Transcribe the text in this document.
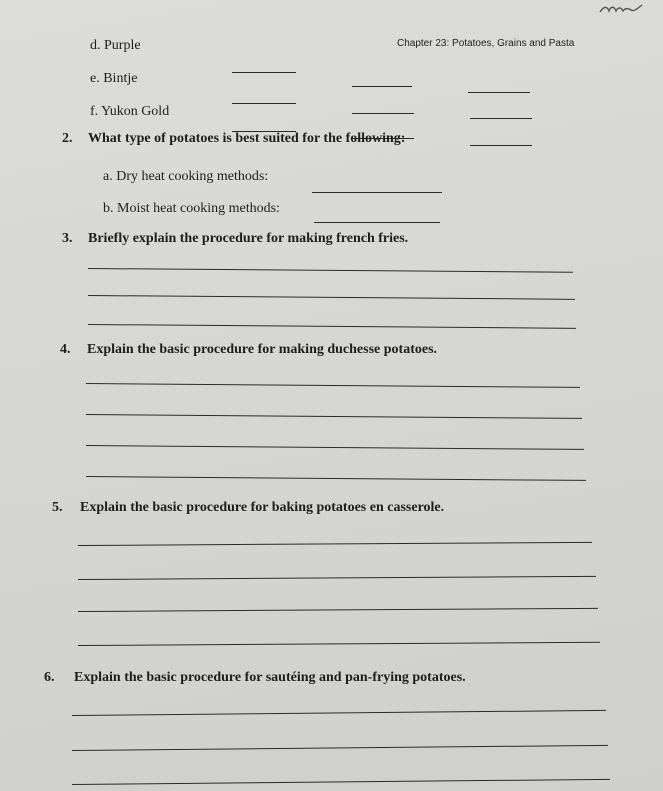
Chapter 23: Potatoes, Grains and Pasta
d. Purple
e. Bintje
f. Yukon Gold
2. What type of potatoes is best suited for the following:
a. Dry heat cooking methods:
b. Moist heat cooking methods:
3. Briefly explain the procedure for making french fries.
4. Explain the basic procedure for making duchesse potatoes.
5. Explain the basic procedure for baking potatoes en casserole.
6. Explain the basic procedure for sautéing and pan-frying potatoes.
